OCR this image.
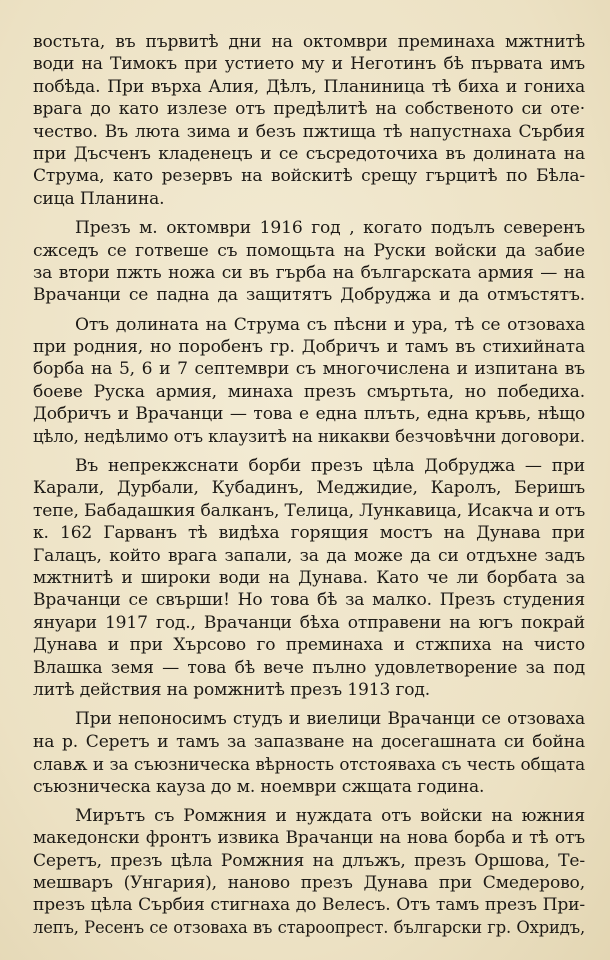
востьта, въ първитѣ дни на октомври преминаха мжтнитѣ
води на Тимокъ при устието му и Неготинъ бѣ първата имъ
побѣда. При върха Алия, Дѣлъ, Планиница тѣ биха и гониха
врага до като излезе отъ предѣлитѣ на собственото си оте·
чество. Въ люта зима и безъ пжтища тѣ напустнаха Сърбия
при Дъсченъ кладенецъ и се съсредоточиха въ долината на
Струма, като резервъ на войскитѣ срещу гърцитѣ по Бѣла-
сица Планина.
Презъ м. октомври 1916 год , когато подълъ северенъ
сжседъ се готвеше съ помощьта на Руски войски да забие
за втори пжть ножа си въ гърба на българската армия — на
Врачанци се падна да защитятъ Добруджа и да отмъстятъ.
Отъ долината на Струма съ пѣсни и ура, тѣ се отзоваха
при родния, но поробенъ гр. Добричъ и тамъ въ стихийната
борба на 5, 6 и 7 септември съ многочислена и изпитана въ
боеве Руска армия, минаха презъ смъртьта, но победиха.
Добричъ и Врачанци — това е една плъть, една кръвь, нѣщо
цѣло, недѣлимо отъ клаузитѣ на никакви безчовѣчни договори.
Въ непрекжснати борби презъ цѣла Добруджа — при
Карали, Дурбали, Кубадинъ, Меджидие, Каролъ, Беришъ
тепе, Бабадашкия балканъ, Телица, Лункавица, Исакча и отъ
к. 162 Гарванъ тѣ видѣха горящия мостъ на Дунава при
Галацъ, който врага запали, за да може да си отдъхне задъ
мжтнитѣ и широки води на Дунава. Като че ли борбата за
Врачанци се свърши! Но това бѣ за малко. Презъ студения
януари 1917 год., Врачанци бѣха отправени на югъ покрай
Дунава и при Хърсово го преминаха и стжпиха на чисто
Влашка земя — това бѣ вече пълно удовлетворение за под
литѣ действия на ромжнитѣ презъ 1913 год.
При непоносимъ студъ и виелици Врачанци се отзоваха
на р. Серетъ и тамъ за запазване на досегашната си бойна
славѫ и за съюзническа вѣрность отстояваха съ честь общата
съюзническа кауза до м. ноември сжщата година.
Мирътъ съ Ромжния и нуждата отъ войски на южния
македонски фронтъ извика Врачанци на нова борба и тѣ отъ
Серетъ, презъ цѣла Ромжния на длъжъ, презъ Оршова, Те-
мешваръ (Унгария), наново презъ Дунава при Смедерово,
презъ цѣла Сърбия стигнаха до Велесъ. Отъ тамъ презъ При-
лепъ, Ресенъ се отзоваха въ староопрест. български гр. Охридъ,
